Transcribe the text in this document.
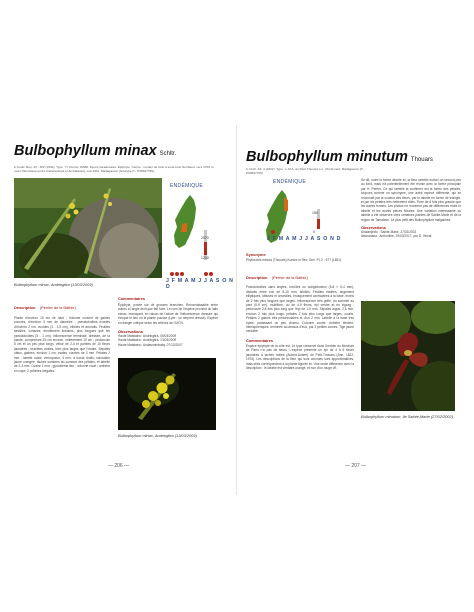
Bulbophyllum minax Schltr.
in Fedd. Rep. 33 : 302 (1934). Type : H. Perrier 15980. Fleurs paradoxales. Épiphyte. Centre : rendez de forêt à sous-bois humbaud, vers 1700 m, mont Vamuriana (entre Fianarantsoa et Ambalavao), mai 1911. Madagascar (holotype P - P00697755).
ENDÉMIQUE
2070
1200
J F M A M J J A S O N D
Bulbophyllum minax, Andringitra (13/03/2009)
Description (Perrier de la Bâthie)
Plante d'environ 15 cm de haut ; rhizome couvert de gaines coucres, d'environ 3 mm de diamètre ; pseudobulbes écartés d'environ 2 cm, ovoïdes (3 - 1,5 cm), bifoliés et arrondis. Feuilles sessiles, coriaces, étroitement linéaires, plus longues que les pseudobulbes (5 - 1 cm). Inflorescence terminale, dressée, de la plante, comprenant 15 cm environ, entièrement 10 cm ; pédoncule 5 cm et un peu plus longs, vêtue de 2-4 et portées de 10 fleurs jaunâtres ; bractées ovales, bien plus larges que l'ovaire. Sépales obtus, glabres, environ 1 cm, ovales, courtes de 3 mm. Pétales 2 mm ; labelle ovale, verruqueux, 4 mm, à bords droits, coloration jaune orangée, tâches sombres au sommet des pétales, et labelle de 2-3 mm. Ovaire 1 mm ; gynostème lien ; colonne court ; anthère en cape, 2 pollinies inégales.
Commentaires
Épiphyte, posée sur de grosses branches. Reconnaissable entre autres à l'angle droit que fait l'axe. Le nom de l'espèce provient du latin minax, menaçant, en raison de l'allure de l'inflorescence dressée qui évoque le lieu où la plante pousse (Lyer : un serpent dressé). Espèce en danger critique selon les critères de l'UICN.
Observations
Haute Matsiatra : Andringitra, 05/03/2009
Haute Matsiatra : Andringitra, 13/03/2009
Haute Matsiatra : Andasorindraky, 07/12/2007
Bulbophyllum minax, Andringitra (13/03/2009)
— 206 —
Bulbophyllum minutum Thouars
in Orch. Afr. 4 (1822). Type : L.M.A. du Petit-Thouars s.n. (Orchi.inéd. Madagascar (P - P00697766)
ENDÉMIQUE
150
0
J F M A M J J A S O N D
Synonyme
Phyllorchis minuta (Thouars) Kuntze in Rev. Gen. Pl. 2 : 677 (1891)
Description (Perrier de la Bâthie)
Pseudobulbes sans angles, ovoïdes ou subglobuleux (5-8 × 5-4 mm), distants entre eux de 8-10 mm, bifoliés. Feuilles étalées, largement elliptiques, obtuses et arrondies, brusquement contractées à la base, moins de 2 fois plus longues que larges. Inflorescence très grêle, du sommet au pied (5-9 cm), multiflore, ou de 4-9 fleurs, épi ventre et en zigzag ; pédoncule 2,8 fois plus long que l'épi de 1-5 mm. Sépales aigus, 2,6 mm, environ 2 fois plus longs, pétales 2 fois plus longs que larges, courts. Pétales 2 gaines très pédonculaires et d'un 2 mm. Labelle à la base très épais, paraissant un peu charnu. Colonne courte. Anthère bilobée, hémisphériques, terminée au-dessus d'eux, par 2 petites cornes. Tige jaune verdâtre.
Commentaires
Espèce épiphyte de la côte est. Le type conservé dans l'herbier du Muséum de Paris n'a pas de fleurs. L'espèce présente un épi de 4 à 5 fleurs jaunâtres à taches noires (Aubert-Aubert) de Petit-Thouars (Ann. 1822, 1976). Les descriptions de la fleur qui sont connues sont approximatives, mais elles correspondent à la plante figurée ici. Une seule différence avec la description : le labelle est verdâtre-orangé, et non d'un rouge vif.
Se dit, outre la forme décrite ici, la fleur semble inciser un second peu au fond, mais n'a potentiellement été réunie avec la forme principale par H. Perrier. Ce qui semble la confirmer est la forme des pétales, toujours comme un synonyme, une autre espèce différente, qui se reconnaît par la couleur des fleurs, par le labelle en forme de triangle, et par les pétales très nettement ciliés. Flore de 6 fois plus grande que les autres formes. Les photos ne montrent pas de différences entre le labelle et les autres pièces florales. Une variation intéressante du labelle a été observée chez certaines plantes de Sainte-Marie et de la région de Tamatave. Le plus petit des Bulbophyllum malgaches.
Observations
Analanjirofo : Sainte-Marie, 27/02/2002
Atsinanana : Ambohibe, 19/03/2017, par D. Verrat
Bulbophyllum minutum, Ile Sainte-Marie (27/02/2002)
— 207 —
